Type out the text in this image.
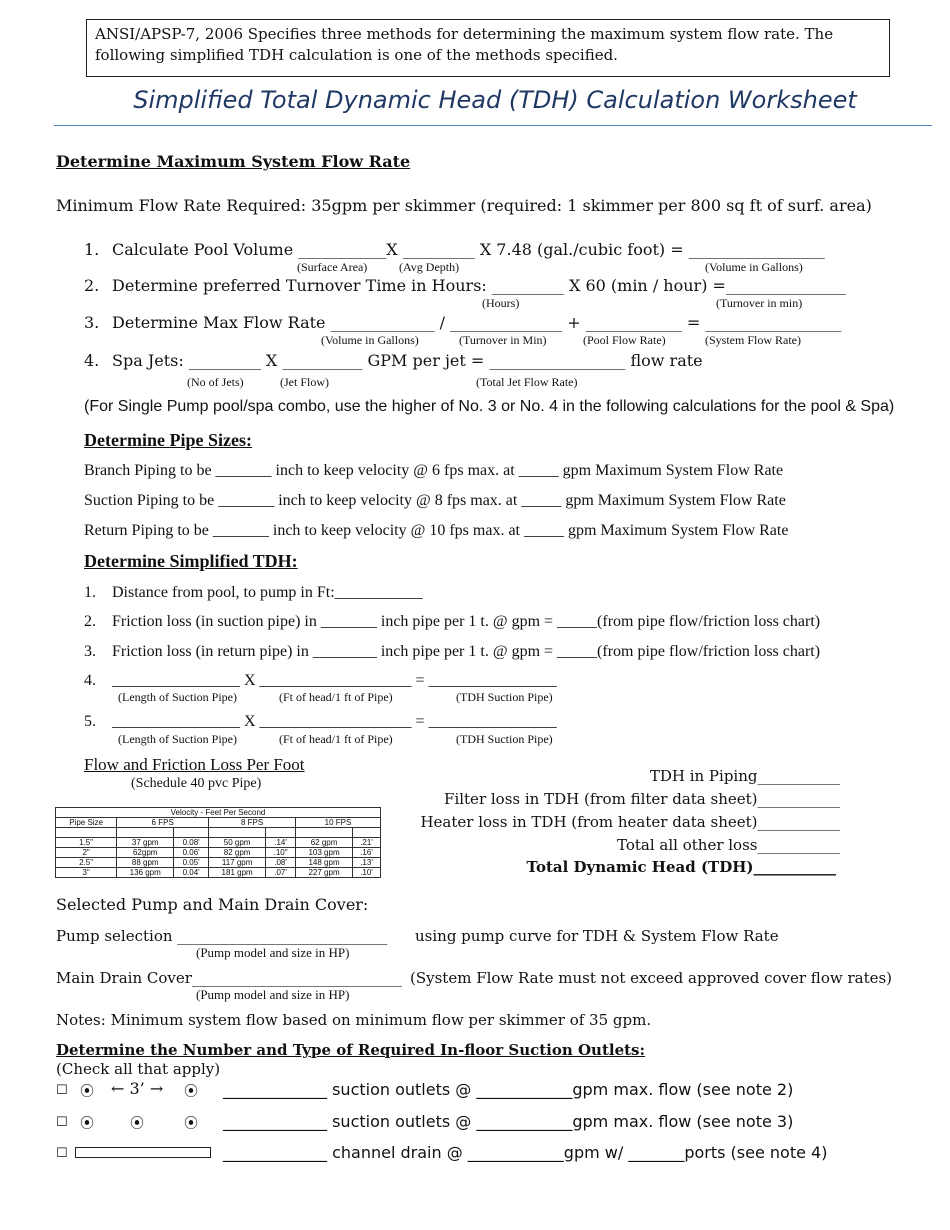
ANSI/APSP-7, 2006 Specifies three methods for determining the maximum system flow rate. The following simplified TDH calculation is one of the methods specified.
Simplified Total Dynamic Head (TDH) Calculation Worksheet
Determine Maximum System Flow Rate
Minimum Flow Rate Required: 35gpm per skimmer (required: 1 skimmer per 800 sq ft of surf. area)
1. Calculate Pool Volume ___________X _________ X 7.48 (gal./cubic foot) = _________________
(Surface Area)	(Avg Depth)	(Volume in Gallons)
2. Determine preferred Turnover Time in Hours: _________ X 60 (min / hour) =_______________
(Hours)	(Turnover in min)
3. Determine Max Flow Rate _____________ / ______________ + ____________ = _________________
(Volume in Gallons)	(Turnover in Min)	(Pool Flow Rate)	(System Flow Rate)
4. Spa Jets: _________ X __________ GPM per jet = _________________ flow rate
(No of Jets)	(Jet Flow)	(Total Jet Flow Rate)
(For Single Pump pool/spa combo, use the higher of No. 3 or No. 4 in the following calculations for the pool & Spa)
Determine Pipe Sizes:
Branch Piping to be _______ inch to keep velocity @ 6 fps max. at _____ gpm Maximum System Flow Rate
Suction Piping to be _______ inch to keep velocity @ 8 fps max. at _____ gpm Maximum System Flow Rate
Return Piping to be _______ inch to keep velocity @ 10 fps max. at _____ gpm Maximum System Flow Rate
Determine Simplified TDH:
1. Distance from pool, to pump in Ft:___________
2. Friction loss (in suction pipe) in _______ inch pipe per 1 t. @ gpm = _____(from pipe flow/friction loss chart)
3. Friction loss (in return pipe) in ________ inch pipe per 1 t. @ gpm = _____(from pipe flow/friction loss chart)
4. ________________ X ___________________ = ________________
(Length of Suction Pipe)	(Ft of head/1 ft of Pipe)	(TDH Suction Pipe)
5. ________________ X ___________________ = ________________
(Length of Suction Pipe)	(Ft of head/1 ft of Pipe)	(TDH Suction Pipe)
Flow and Friction Loss Per Foot
(Schedule 40 pvc Pipe)
Velocity - Feet Per Second						
Pipe Size	6 FPS		8 FPS		10 FPS	

1.5"	37 gpm	0.08'	50 gpm	.14'	62 gpm	.21'
2"	62gpm	0.06'	82 gpm	.10"	103 gpm	.16'
2.5"	88 gpm	0.05'	117 gpm	.08'	148 gpm	.13'
3"	136 gpm	0.04'	181 gpm	.07'	227 gpm	.10'
TDH in Piping___________
Filter loss in TDH (from filter data sheet)___________
Heater loss in TDH (from heater data sheet)___________
Total all other loss___________
Total Dynamic Head (TDH)___________
Selected Pump and Main Drain Cover:
Pump selection ____________________________ using pump curve for TDH & System Flow Rate
(Pump model and size in HP)
Main Drain Cover____________________________ (System Flow Rate must not exceed approved cover flow rates)
(Pump model and size in HP)
Notes: Minimum system flow based on minimum flow per skimmer of 35 gpm.
Determine the Number and Type of Required In-floor Suction Outlets:
(Check all that apply)
☐ ⦿ ← 3’ → ⦿ _____________ suction outlets @ ____________gpm max. flow (see note 2)
☐ ⦿	⦿	⦿ _____________ suction outlets @ ____________gpm max. flow (see note 3)
☐	_____________ channel drain @ ____________gpm w/ _______ports (see note 4)
